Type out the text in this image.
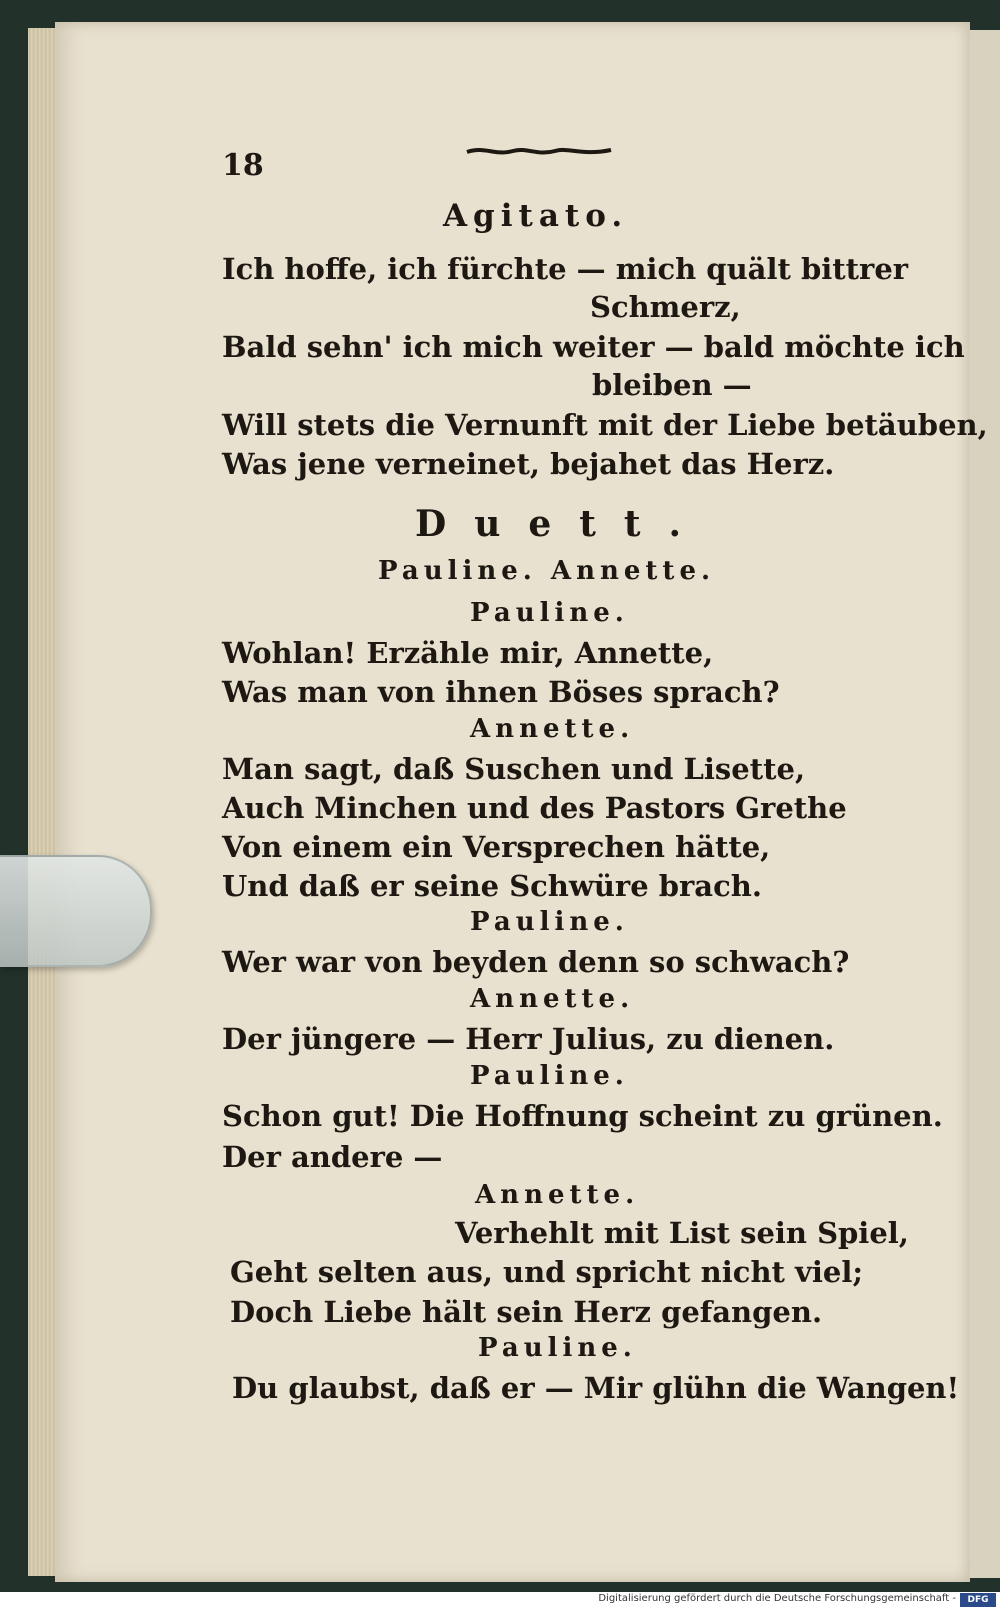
18
Agitato.
Ich hoffe, ich fürchte — mich quält bittrer
Schmerz,
Bald sehn' ich mich weiter — bald möchte ich
bleiben —
Will stets die Vernunft mit der Liebe betäuben,
Was jene verneinet, bejahet das Herz.
Duett.
Pauline. Annette.
Pauline.
Wohlan! Erzähle mir, Annette,
Was man von ihnen Böses sprach?
Annette.
Man sagt, daß Suschen und Lisette,
Auch Minchen und des Pastors Grethe
Von einem ein Versprechen hätte,
Und daß er seine Schwüre brach.
Pauline.
Wer war von beyden denn so schwach?
Annette.
Der jüngere — Herr Julius, zu dienen.
Pauline.
Schon gut! Die Hoffnung scheint zu grünen.
Der andere —
Annette.
Verhehlt mit List sein Spiel,
Geht selten aus, und spricht nicht viel;
Doch Liebe hält sein Herz gefangen.
Pauline.
Du glaubst, daß er — Mir glühn die Wangen!
Digitalisierung gefördert durch die Deutsche Forschungsgemeinschaft -	DFG
